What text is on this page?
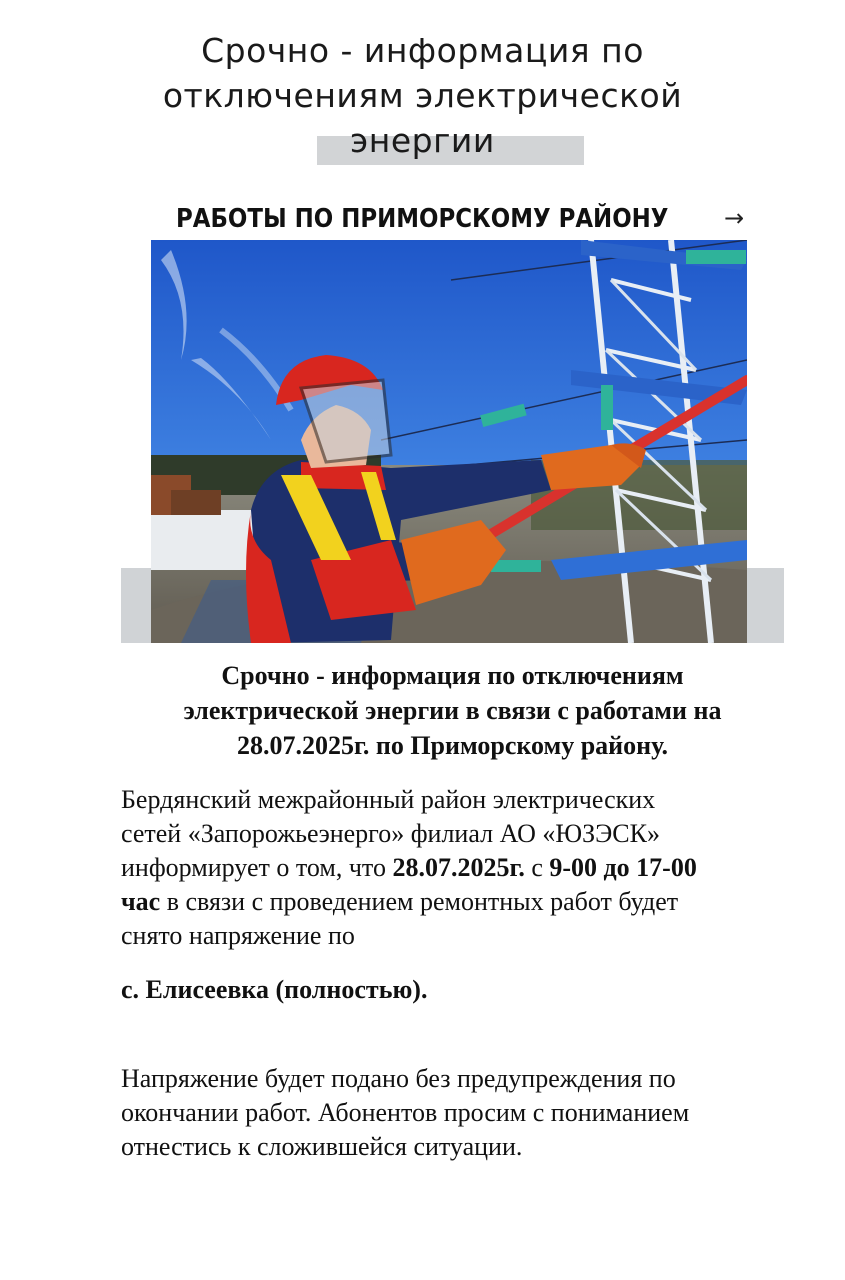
Срочно - информация по
отключениям электрической
энергии
РАБОТЫ ПО ПРИМОРСКОМУ РАЙОНУ →

Срочно - информация по отключениям
электрической энергии в связи с работами на
28.07.2025г. по Приморскому району.

Бердянский межрайонный район электрических
сетей «Запорожьеэнерго» филиал АО «ЮЗЭСК»
информирует о том, что 28.07.2025г. с 9-00 до 17-00
час в связи с проведением ремонтных работ будет
снято напряжение по

с. Елисеевка (полностью).

Напряжение будет подано без предупреждения по
окончании работ. Абонентов просим с пониманием
отнестись к сложившейся ситуации.
